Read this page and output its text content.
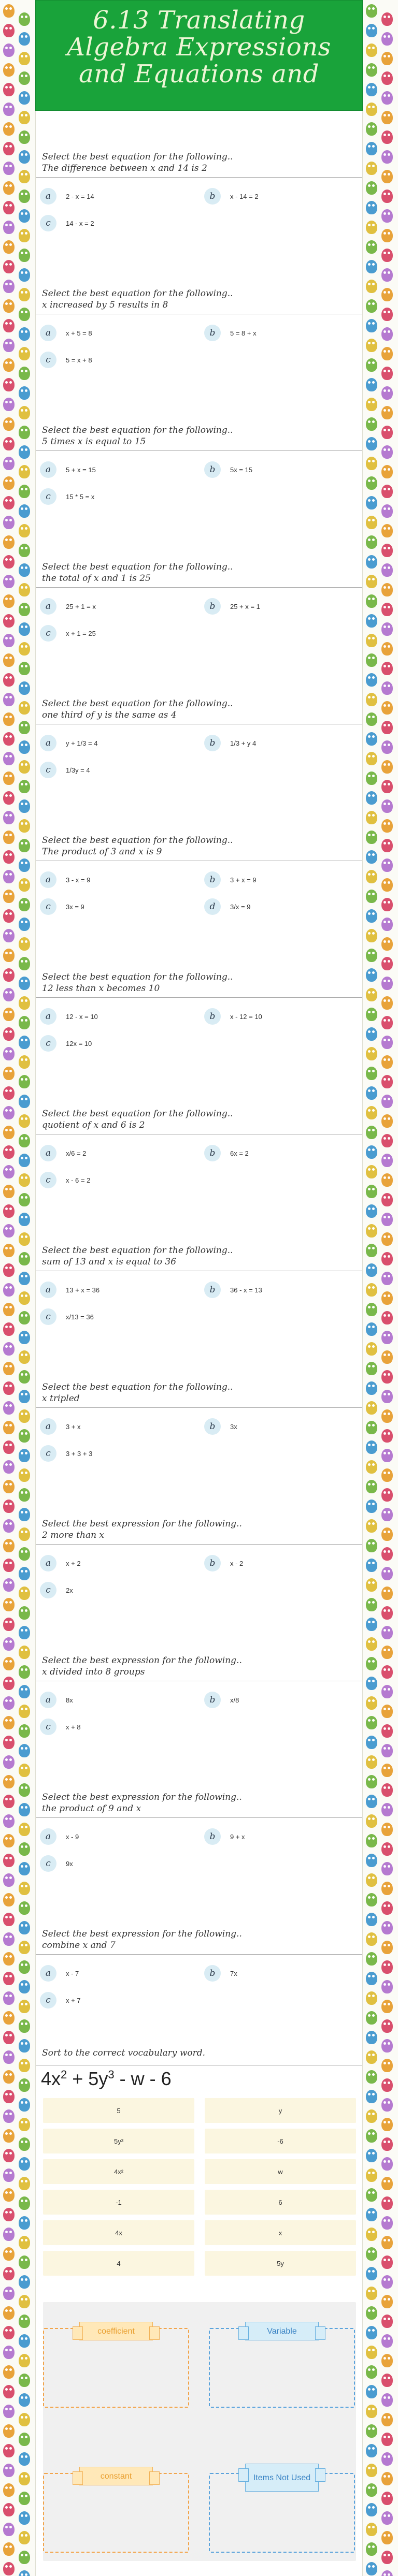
6.13 Translating
Algebra Expressions
and Equations and
Sort to the correct vocabulary word.
$4x^2 + 5y^3 - w - 6$
coefficient	Variable
constant	Items Not Used
Select the best equation for the following..
The difference between x and 14 is 2
a	2 - x = 14	b	x - 14 = 2
c	14 - x = 2
Select the best equation for the following..
x increased by 5 results in 8
a	x + 5 = 8	b	5 = 8 + x
c	5 = x + 8
Select the best equation for the following..
5 times x is equal to 15
a	5 + x = 15	b	5x = 15
c	15 * 5 = x
Select the best equation for the following..
the total of x and 1 is 25
a	25 + 1 = x	b	25 + x = 1
c	x + 1 = 25
Select the best equation for the following..
one third of y is the same as 4
a	y + 1/3 = 4	b	1/3 + y 4
c	1/3y = 4
Select the best equation for the following..
The product of 3 and x is 9
a	3 - x = 9	b	3 + x = 9
c	3x = 9	d	3/x = 9
Select the best equation for the following..
12 less than x becomes 10
a	12 - x = 10	b	x - 12 = 10
c	12x = 10
Select the best equation for the following..
quotient of x and 6 is 2
a	x/6 = 2	b	6x = 2
c	x - 6 = 2
Select the best equation for the following..
sum of 13 and x is equal to 36
a	13 + x = 36	b	36 - x = 13
c	x/13 = 36
Select the best equation for the following..
x tripled
a	3 + x	b	3x
c	3 + 3 + 3
Select the best expression for the following..
2 more than x
a	x + 2	b	x - 2
c	2x
Select the best expression for the following..
x divided into 8 groups
a	8x	b	x/8
c	x + 8
Select the best expression for the following..
the product of 9 and x
a	x - 9	b	9 + x
c	9x
Select the best expression for the following..
combine x and 7
a	x - 7	b	7x
c	x + 7
5
5y³
4x²
-1
4x
4
y
-6
w
6
x
5y
